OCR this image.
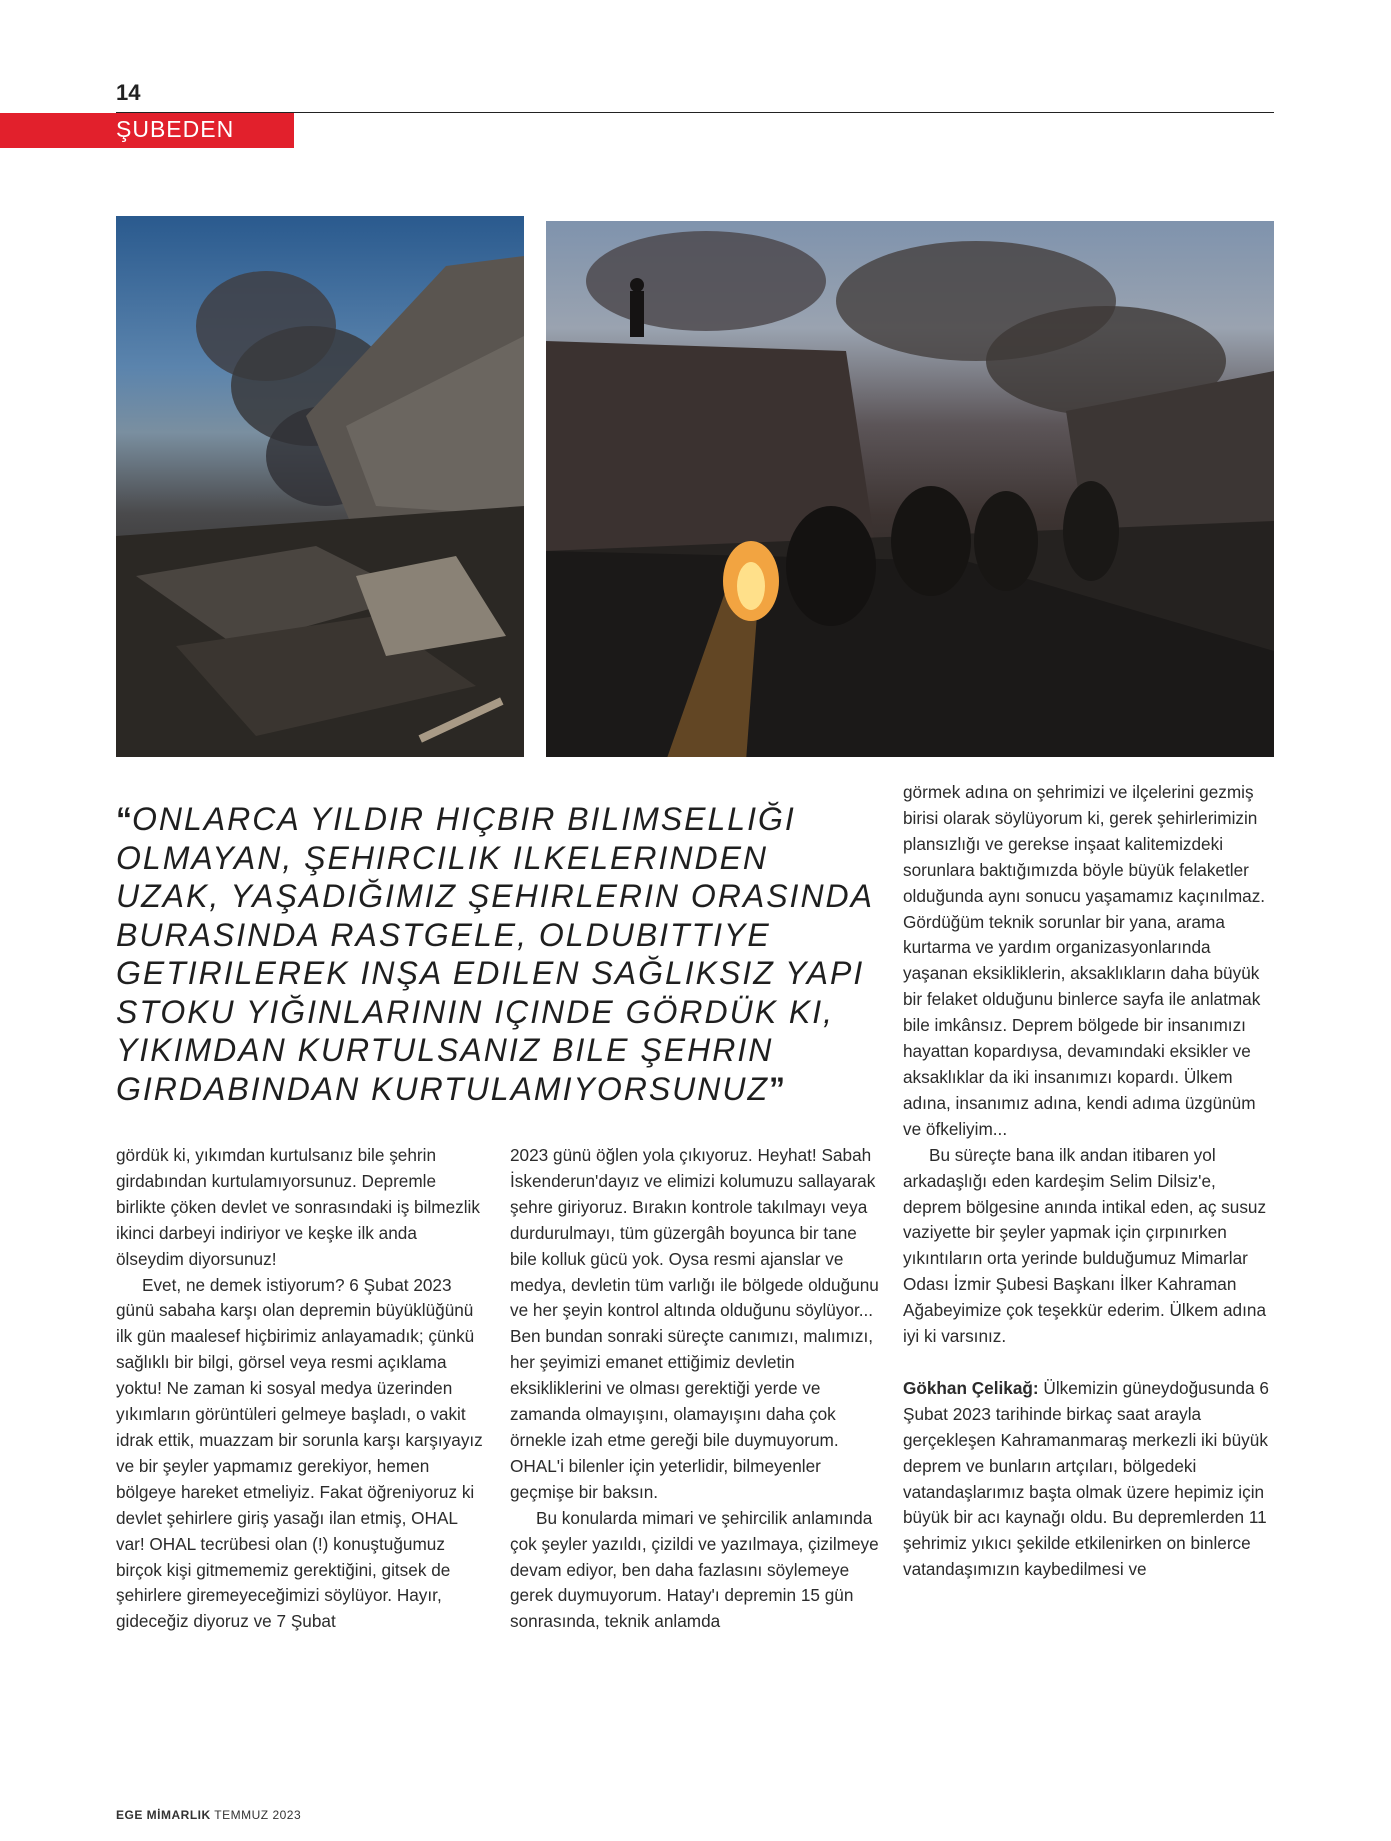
14
ŞUBEDEN
“ONLARCA YILDIR HIÇBIR BILIMSELLIĞI OLMAYAN, ŞEHIRCILIK ILKELERINDEN UZAK, YAŞADIĞIMIZ ŞEHIRLERIN ORASINDA BURASINDA RASTGELE, OLDUBITTIYE GETIRILEREK INŞA EDILEN SAĞLIKSIZ YAPI STOKU YIĞINLARININ IÇINDE GÖRDÜK KI, YIKIMDAN KURTULSANIZ BILE ŞEHRIN GIRDABINDAN KURTULAMIYORSUNUZ”

gördük ki, yıkımdan kurtulsanız bile şehrin girdabından kurtulamıyorsunuz. Depremle birlikte çöken devlet ve sonrasındaki iş bilmezlik ikinci darbeyi indiriyor ve keşke ilk anda ölseydim diyorsunuz!

Evet, ne demek istiyorum? 6 Şubat 2023 günü sabaha karşı olan depremin büyüklüğünü ilk gün maalesef hiçbirimiz anlayamadık; çünkü sağlıklı bir bilgi, görsel veya resmi açıklama yoktu! Ne zaman ki sosyal medya üzerinden yıkımların görüntüleri gelmeye başladı, o vakit idrak ettik, muazzam bir sorunla karşı karşıyayız ve bir şeyler yapmamız gerekiyor, hemen bölgeye hareket etmeliyiz. Fakat öğreniyoruz ki devlet şehirlere giriş yasağı ilan etmiş, OHAL var! OHAL tecrübesi olan (!) konuştuğumuz birçok kişi gitmememiz gerektiğini, gitsek de şehirlere giremeyeceğimizi söylüyor. Hayır, gideceğiz diyoruz ve 7 Şubat

2023 günü öğlen yola çıkıyoruz. Heyhat! Sabah İskenderun'dayız ve elimizi kolumuzu sallayarak şehre giriyoruz. Bırakın kontrole takılmayı veya durdurulmayı, tüm güzergâh boyunca bir tane bile kolluk gücü yok. Oysa resmi ajanslar ve medya, devletin tüm varlığı ile bölgede olduğunu ve her şeyin kontrol altında olduğunu söylüyor... Ben bundan sonraki süreçte canımızı, malımızı, her şeyimizi emanet ettiğimiz devletin eksikliklerini ve olması gerektiği yerde ve zamanda olmayışını, olamayışını daha çok örnekle izah etme gereği bile duymuyorum. OHAL'i bilenler için yeterlidir, bilmeyenler geçmişe bir baksın.

Bu konularda mimari ve şehircilik anlamında çok şeyler yazıldı, çizildi ve yazılmaya, çizilmeye devam ediyor, ben daha fazlasını söylemeye gerek duymuyorum. Hatay'ı depremin 15 gün sonrasında, teknik anlamda

görmek adına on şehrimizi ve ilçelerini gezmiş birisi olarak söylüyorum ki, gerek şehirlerimizin plansızlığı ve gerekse inşaat kalitemizdeki sorunlara baktığımızda böyle büyük felaketler olduğunda aynı sonucu yaşamamız kaçınılmaz. Gördüğüm teknik sorunlar bir yana, arama kurtarma ve yardım organizasyonlarında yaşanan eksikliklerin, aksaklıkların daha büyük bir felaket olduğunu binlerce sayfa ile anlatmak bile imkânsız. Deprem bölgede bir insanımızı hayattan kopardıysa, devamındaki eksikler ve aksaklıklar da iki insanımızı kopardı. Ülkem adına, insanımız adına, kendi adıma üzgünüm ve öfkeliyim...

Bu süreçte bana ilk andan itibaren yol arkadaşlığı eden kardeşim Selim Dilsiz'e, deprem bölgesine anında intikal eden, aç susuz vaziyette bir şeyler yapmak için çırpınırken yıkıntıların orta yerinde bulduğumuz Mimarlar Odası İzmir Şubesi Başkanı İlker Kahraman Ağabeyimize çok teşekkür ederim. Ülkem adına iyi ki varsınız.

Gökhan Çelikağ: Ülkemizin güneydoğusunda 6 Şubat 2023 tarihinde birkaç saat arayla gerçekleşen Kahramanmaraş merkezli iki büyük deprem ve bunların artçıları, bölgedeki vatandaşlarımız başta olmak üzere hepimiz için büyük bir acı kaynağı oldu. Bu depremlerden 11 şehrimiz yıkıcı şekilde etkilenirken on binlerce vatandaşımızın kaybedilmesi ve

EGE MİMARLIK TEMMUZ 2023
